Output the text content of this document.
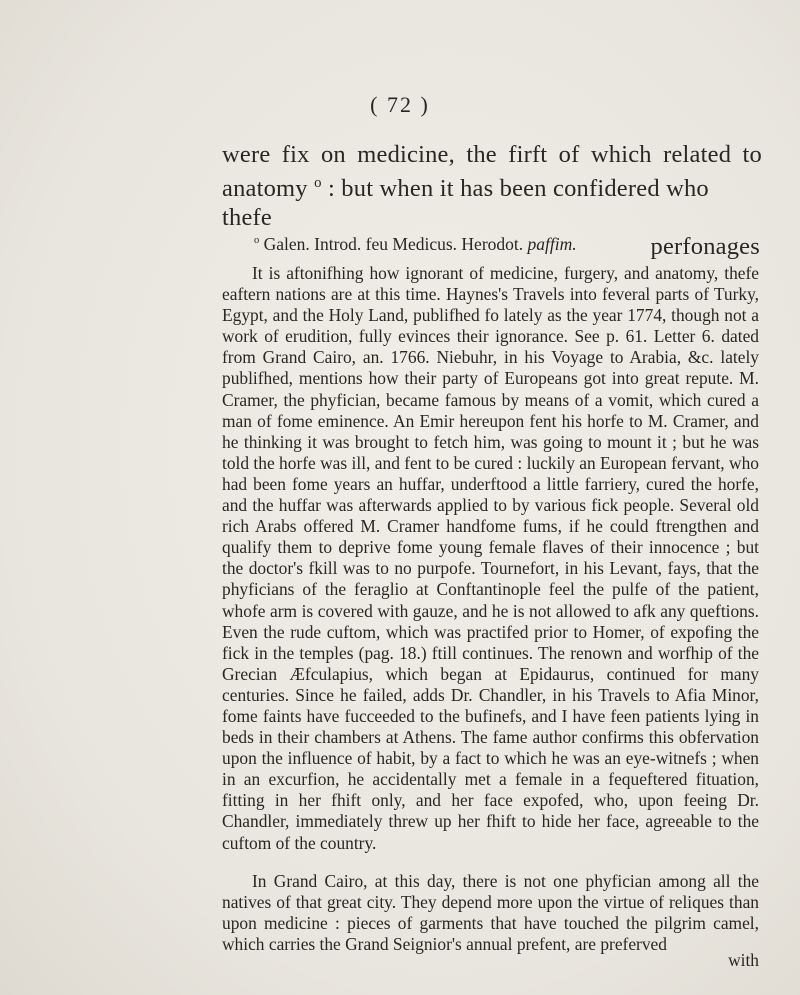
( 72 )
were fix on medicine, the firft of which related to
anatomy $^o$ : but when it has been confidered who thefe
perfonages
$^o$ Galen. Introd. feu Medicus. Herodot. paffim.

It is aftonifhing how ignorant of medicine, furgery, and anatomy, thefe eaftern nations are at this time. Haynes's Travels into feveral parts of Turky, Egypt, and the Holy Land, publifhed fo lately as the year 1774, though not a work of erudition, fully evinces their ignorance. See p. 61. Letter 6. dated from Grand Cairo, an. 1766. Niebuhr, in his Voyage to Arabia, &c. lately publifhed, mentions how their party of Europeans got into great repute. M. Cramer, the phyfician, became famous by means of a vomit, which cured a man of fome eminence. An Emir hereupon fent his horfe to M. Cramer, and he thinking it was brought to fetch him, was going to mount it ; but he was told the horfe was ill, and fent to be cured : luckily an European fervant, who had been fome years an huffar, underftood a little farriery, cured the horfe, and the huffar was afterwards applied to by various fick people. Several old rich Arabs offered M. Cramer handfome fums, if he could ftrengthen and qualify them to deprive fome young female flaves of their innocence ; but the doctor's fkill was to no purpofe. Tournefort, in his Levant, fays, that the phyficians of the feraglio at Conftantinople feel the pulfe of the patient, whofe arm is covered with gauze, and he is not allowed to afk any queftions. Even the rude cuftom, which was practifed prior to Homer, of expofing the fick in the temples (pag. 18.) ftill continues. The renown and worfhip of the Grecian Æfculapius, which began at Epidaurus, continued for many centuries. Since he failed, adds Dr. Chandler, in his Travels to Afia Minor, fome faints have fucceeded to the bufinefs, and I have feen patients lying in beds in their chambers at Athens. The fame author confirms this obfervation upon the influence of habit, by a fact to which he was an eye-witnefs ; when in an excurfion, he accidentally met a female in a fequeftered fituation, fitting in her fhift only, and her face expofed, who, upon feeing Dr. Chandler, immediately threw up her fhift to hide her face, agreeable to the cuftom of the country.

In Grand Cairo, at this day, there is not one phyfician among all the natives of that great city. They depend more upon the virtue of reliques than upon medicine : pieces of garments that have touched the pilgrim camel, which carries the Grand Seignior's annual prefent, are preferved

with
